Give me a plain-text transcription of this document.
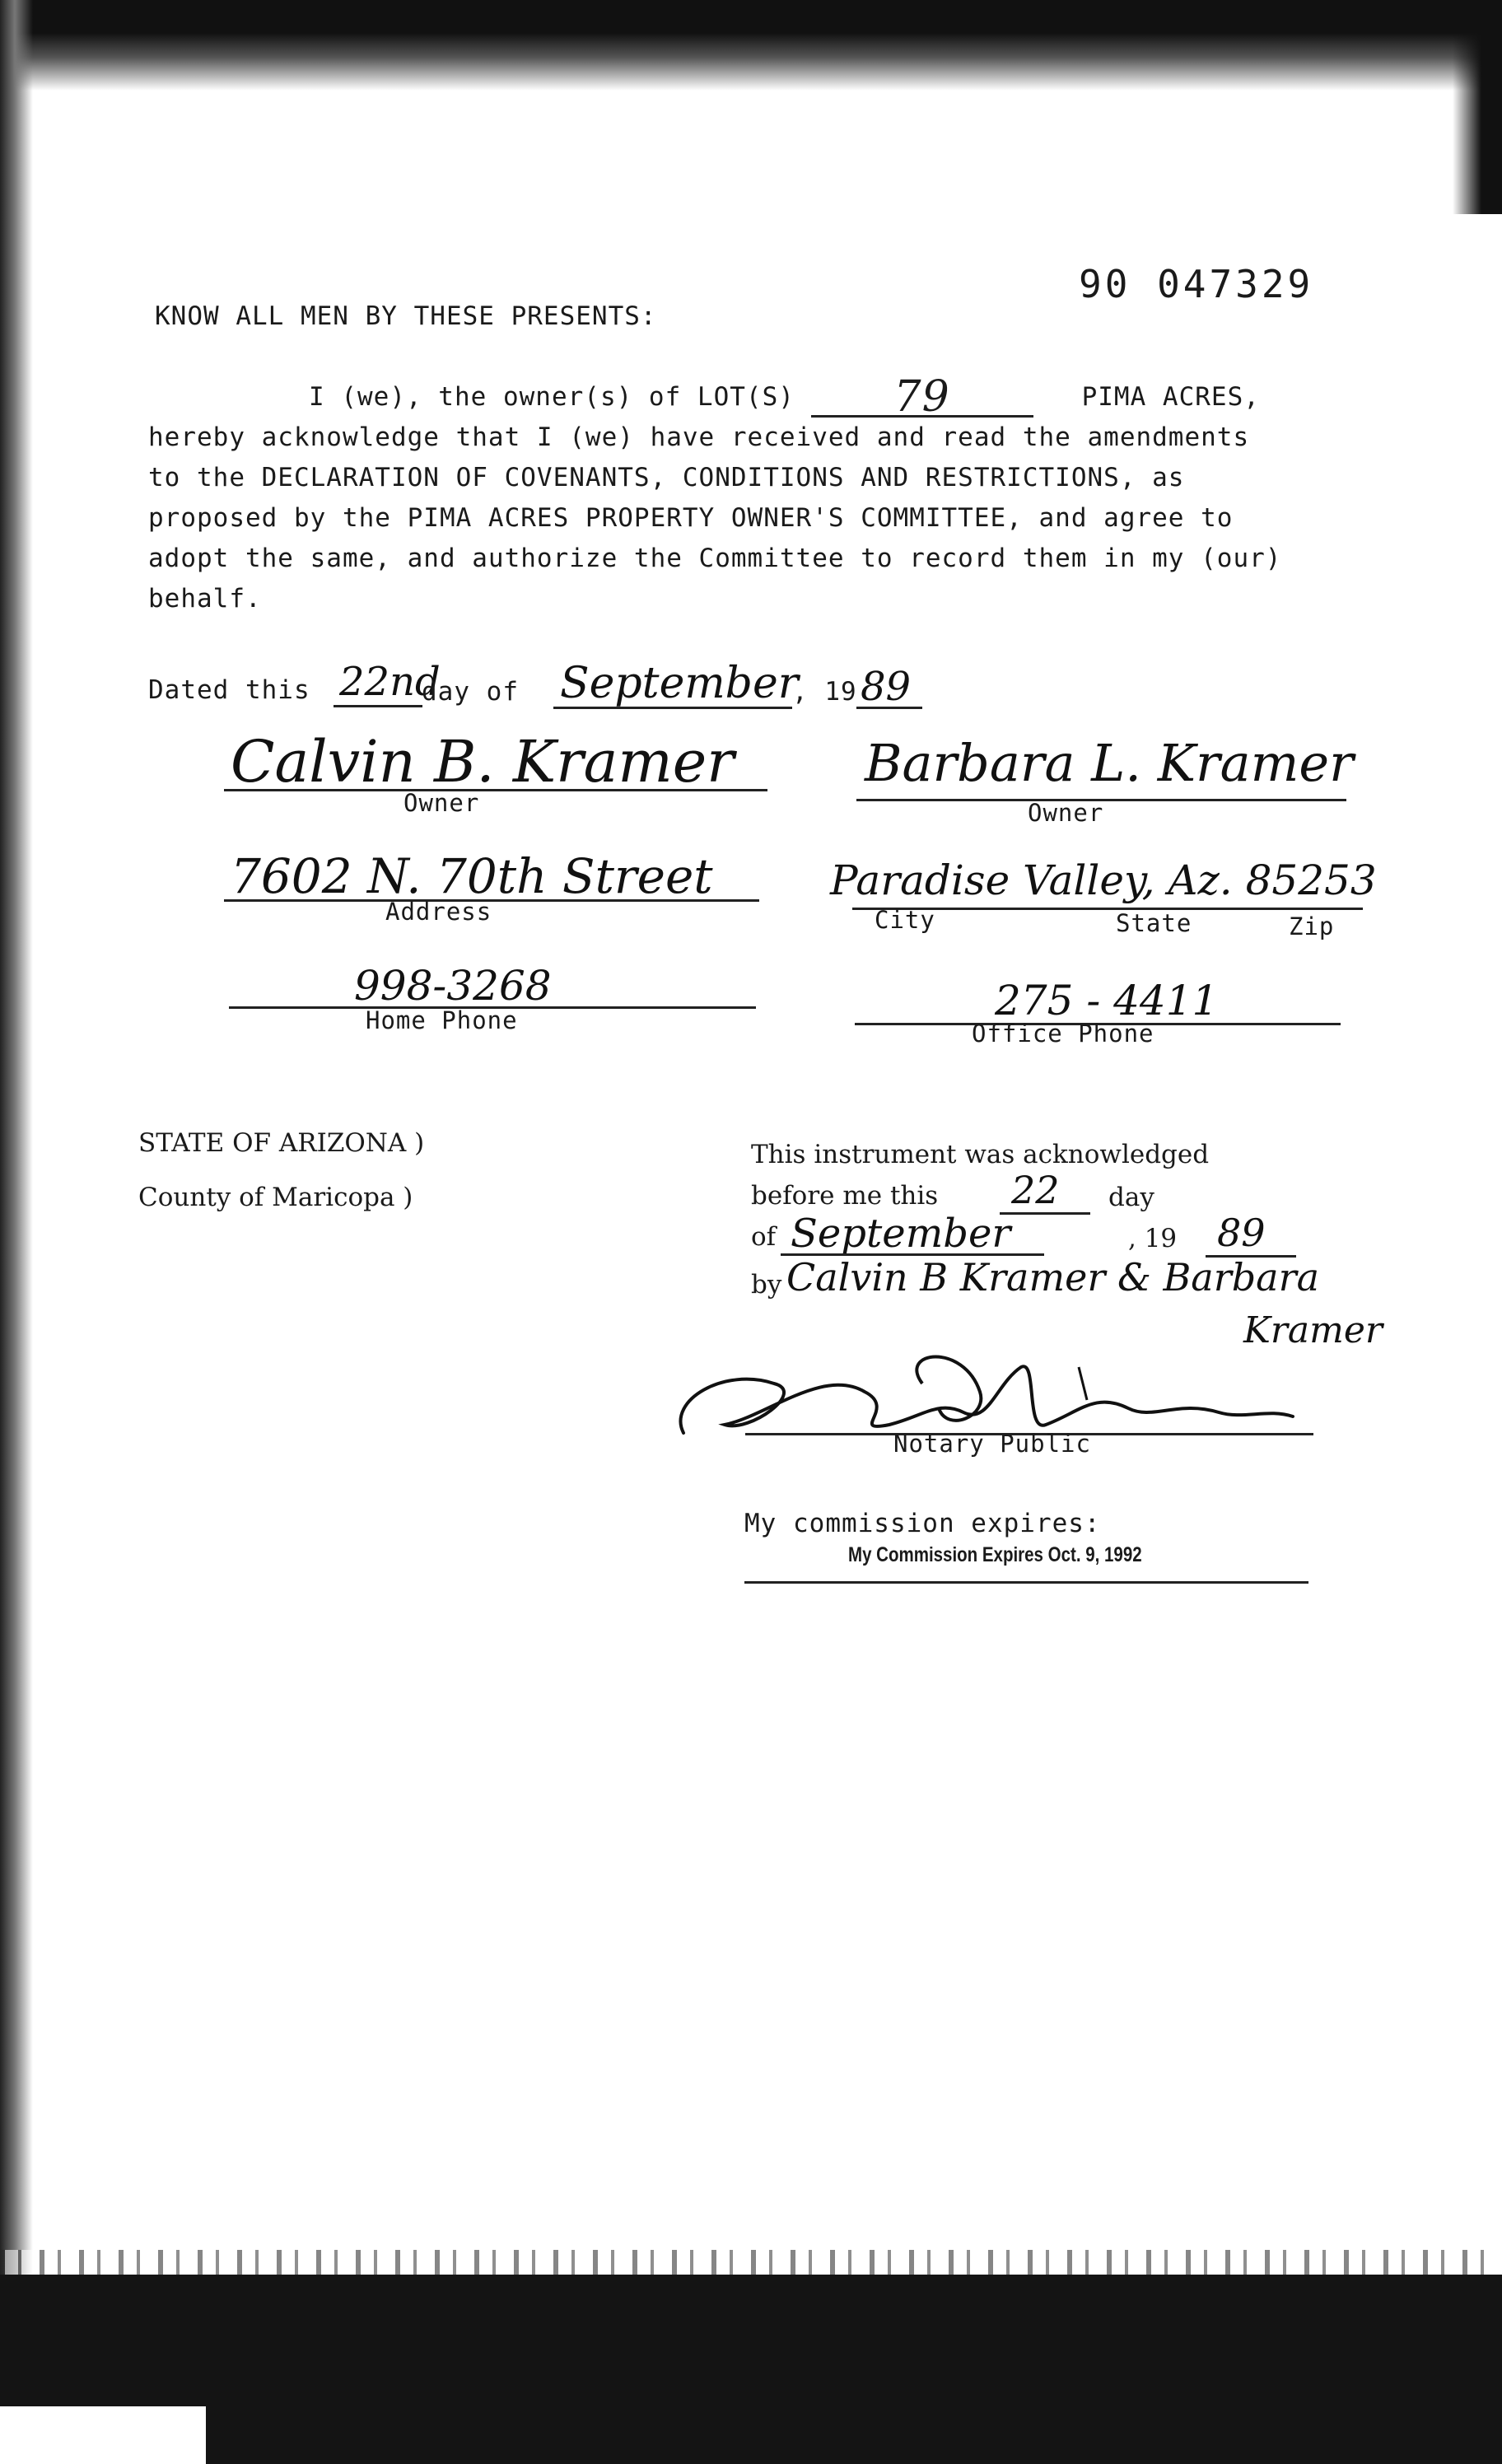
90 047329
KNOW ALL MEN BY THESE PRESENTS:
I (we), the owner(s) of LOT(S) 79	PIMA ACRES,
hereby acknowledge that I (we) have received and read the amendments
to the DECLARATION OF COVENANTS, CONDITIONS AND RESTRICTIONS, as
proposed by the PIMA ACRES PROPERTY OWNER'S COMMITTEE, and agree to
adopt the same, and authorize the Committee to record them in my (our)
behalf.
Dated this 22nd
day of September
, 19 89
Calvin B. Kramer
Owner
Barbara L. Kramer
Owner
7602 N. 70th Street
Address
Paradise Valley, Az. 85253
City	State	Zip
998-3268
Home Phone	275 - 4411
Office Phone
STATE OF ARIZONA )
County of Maricopa )
This instrument was acknowledged
before me this 22 day
of September	, 19 89
by Calvin B Kramer & Barbara
Kramer
Notary Public
My commission expires:
My Commission Expires Oct. 9, 1992
